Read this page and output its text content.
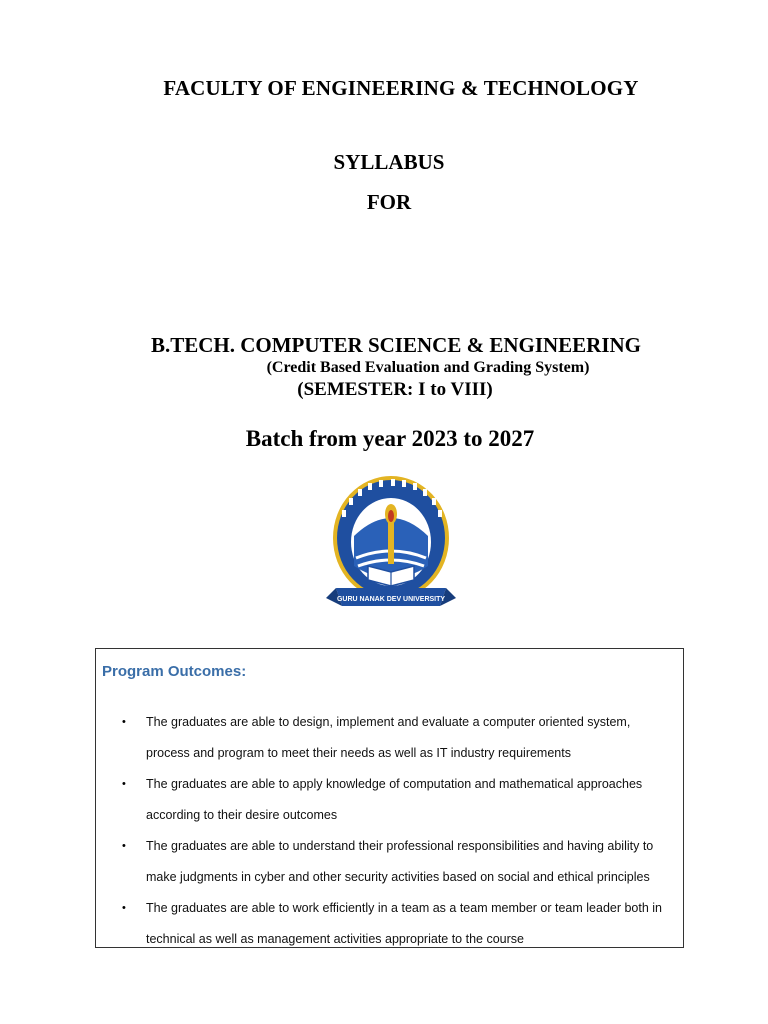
FACULTY OF ENGINEERING & TECHNOLOGY
SYLLABUS
FOR
B.TECH. COMPUTER SCIENCE & ENGINEERING
(Credit Based Evaluation and Grading System)
(SEMESTER: I to VIII)
Batch from year 2023 to 2027
GURU NANAK DEV UNIVERSITY
Program Outcomes:
• The graduates are able to design, implement and evaluate a computer oriented system,
process and program to meet their needs as well as IT industry requirements
• The graduates are able to apply knowledge of computation and mathematical approaches
according to their desire outcomes
• The graduates are able to understand their professional responsibilities and having ability to
make judgments in cyber and other security activities based on social and ethical principles
• The graduates are able to work efficiently in a team as a team member or team leader both in
technical as well as management activities appropriate to the course
